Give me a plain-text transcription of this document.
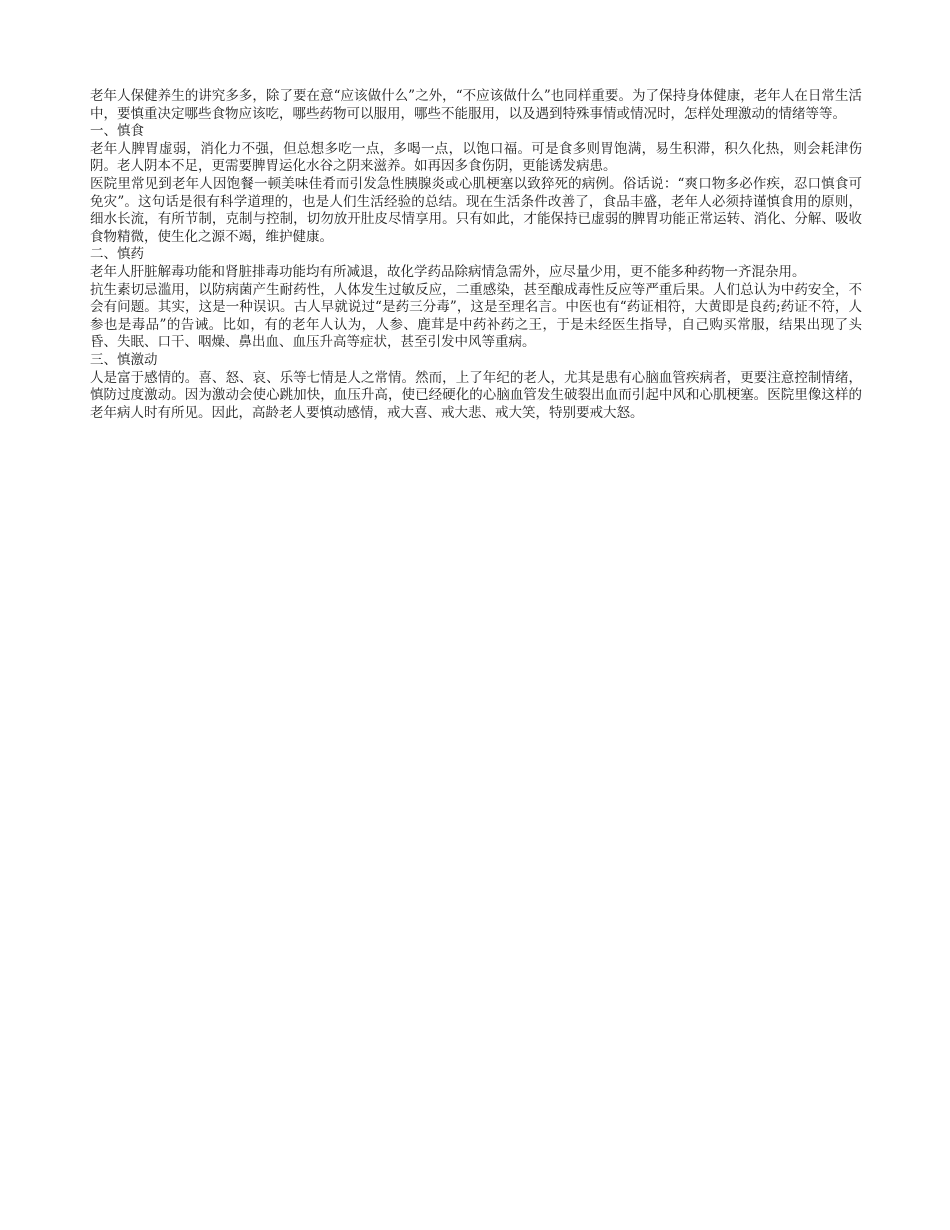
老年人保健养生的讲究多多，除了要在意“应该做什么”之外，“不应该做什么”也同样重要。为了保持身体健康，老年人在日常生活中，要慎重决定哪些食物应该吃，哪些药物可以服用，哪些不能服用，以及遇到特殊事情或情况时，怎样处理激动的情绪等等。

一、慎食

老年人脾胃虚弱，消化力不强，但总想多吃一点，多喝一点，以饱口福。可是食多则胃饱满，易生积滞，积久化热，则会耗津伤阴。老人阴本不足，更需要脾胃运化水谷之阴来滋养。如再因多食伤阴，更能诱发病患。

医院里常见到老年人因饱餐一顿美味佳肴而引发急性胰腺炎或心肌梗塞以致猝死的病例。俗话说：“爽口物多必作疾，忍口慎食可免灾”。这句话是很有科学道理的，也是人们生活经验的总结。现在生活条件改善了，食品丰盛，老年人必须持谨慎食用的原则，细水长流，有所节制，克制与控制，切勿放开肚皮尽情享用。只有如此，才能保持已虚弱的脾胃功能正常运转、消化、分解、吸收食物精微，使生化之源不竭，维护健康。

二、慎药

老年人肝脏解毒功能和肾脏排毒功能均有所减退，故化学药品除病情急需外，应尽量少用，更不能多种药物一齐混杂用。

抗生素切忌滥用，以防病菌产生耐药性，人体发生过敏反应，二重感染，甚至酿成毒性反应等严重后果。人们总认为中药安全，不会有问题。其实，这是一种误识。古人早就说过“是药三分毒”，这是至理名言。中医也有“药证相符，大黄即是良药;药证不符，人参也是毒品”的告诫。比如，有的老年人认为，人参、鹿茸是中药补药之王，于是未经医生指导，自己购买常服，结果出现了头昏、失眠、口干、咽燥、鼻出血、血压升高等症状，甚至引发中风等重病。

三、慎激动

人是富于感情的。喜、怒、哀、乐等七情是人之常情。然而，上了年纪的老人，尤其是患有心脑血管疾病者，更要注意控制情绪，慎防过度激动。因为激动会使心跳加快，血压升高，使已经硬化的心脑血管发生破裂出血而引起中风和心肌梗塞。医院里像这样的老年病人时有所见。因此，高龄老人要慎动感情，戒大喜、戒大悲、戒大笑，特别要戒大怒。
